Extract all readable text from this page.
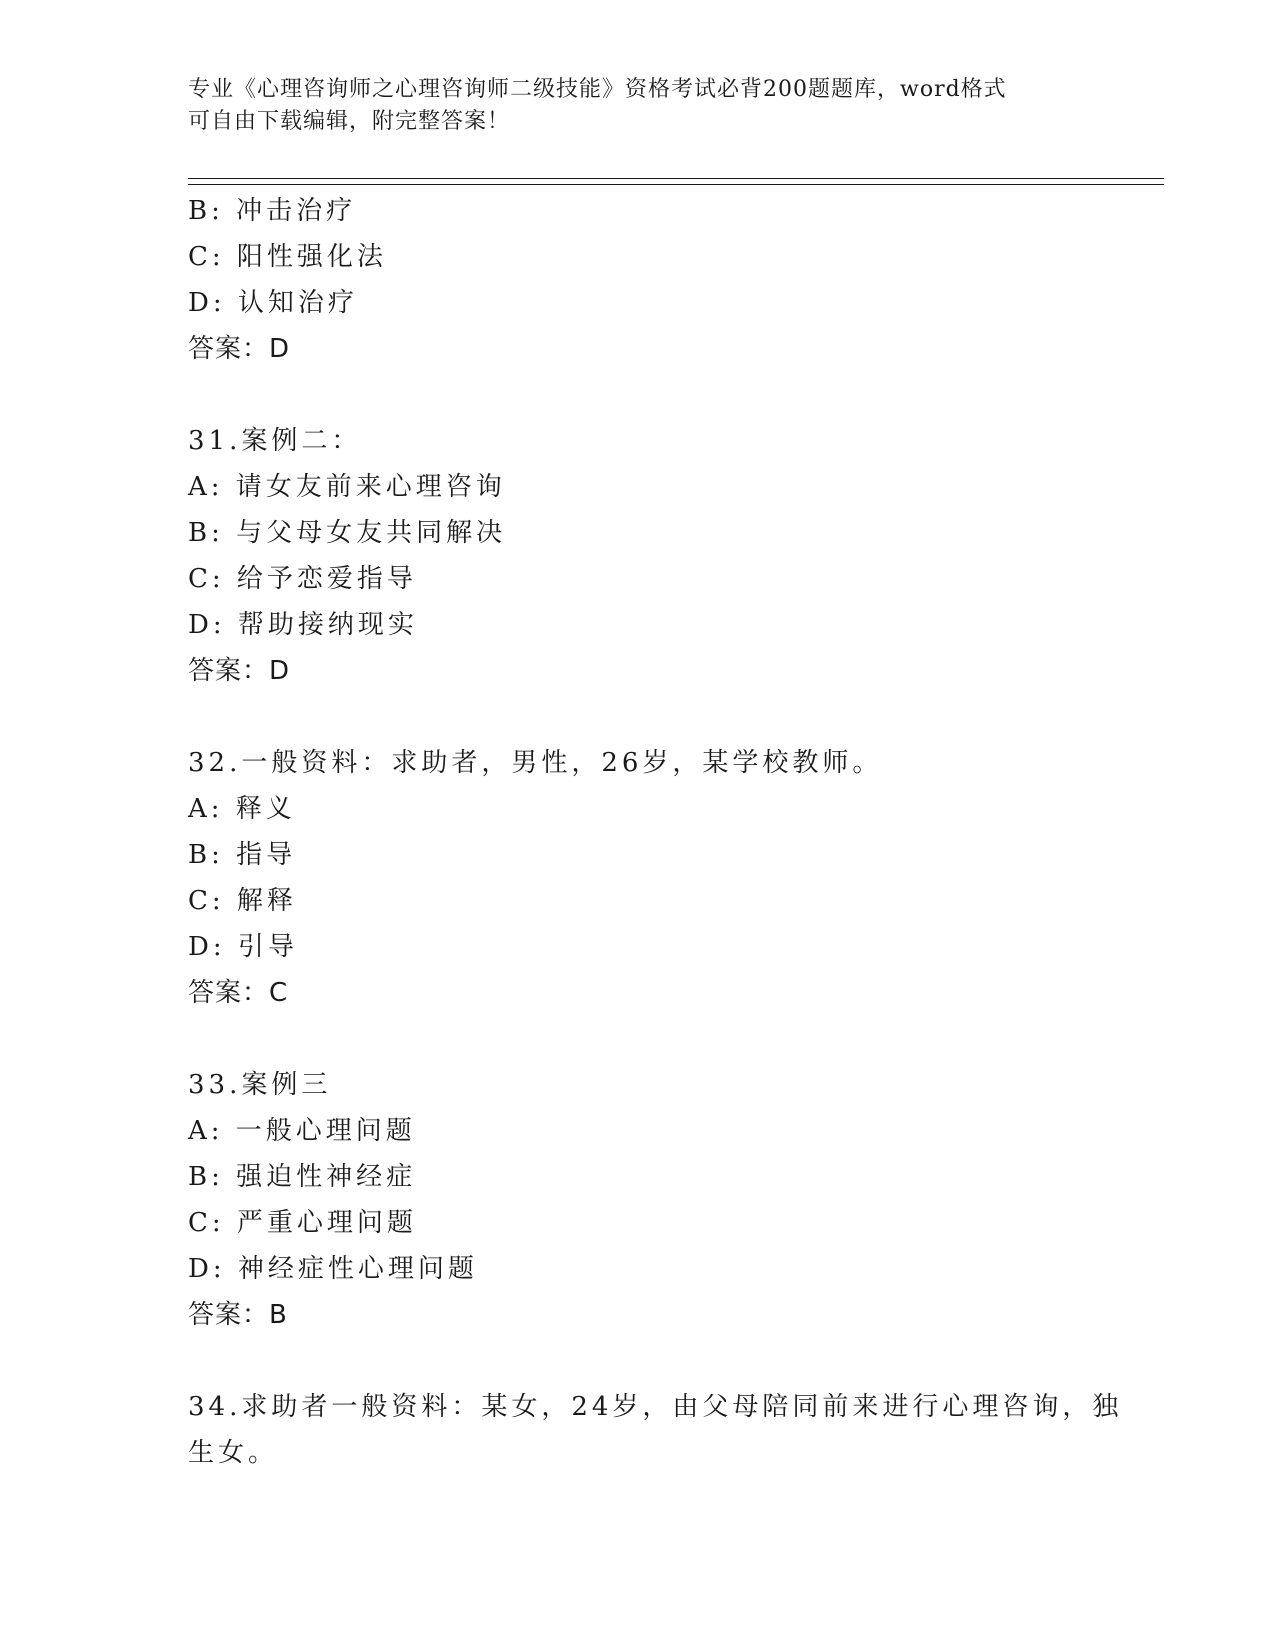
专业《心理咨询师之心理咨询师二级技能》资格考试必背200题题库，word格式
可自由下载编辑，附完整答案！
B: 冲击治疗
C: 阳性强化法
D: 认知治疗
答案：D
31.案例二：
A: 请女友前来心理咨询
B: 与父母女友共同解决
C: 给予恋爱指导
D: 帮助接纳现实
答案：D
32.一般资料：求助者，男性，26岁，某学校教师。
A: 释义
B: 指导
C: 解释
D: 引导
答案：C
33.案例三
A: 一般心理问题
B: 强迫性神经症
C: 严重心理问题
D: 神经症性心理问题
答案：B
34.求助者一般资料：某女，24岁，由父母陪同前来进行心理咨询，独
生女。
